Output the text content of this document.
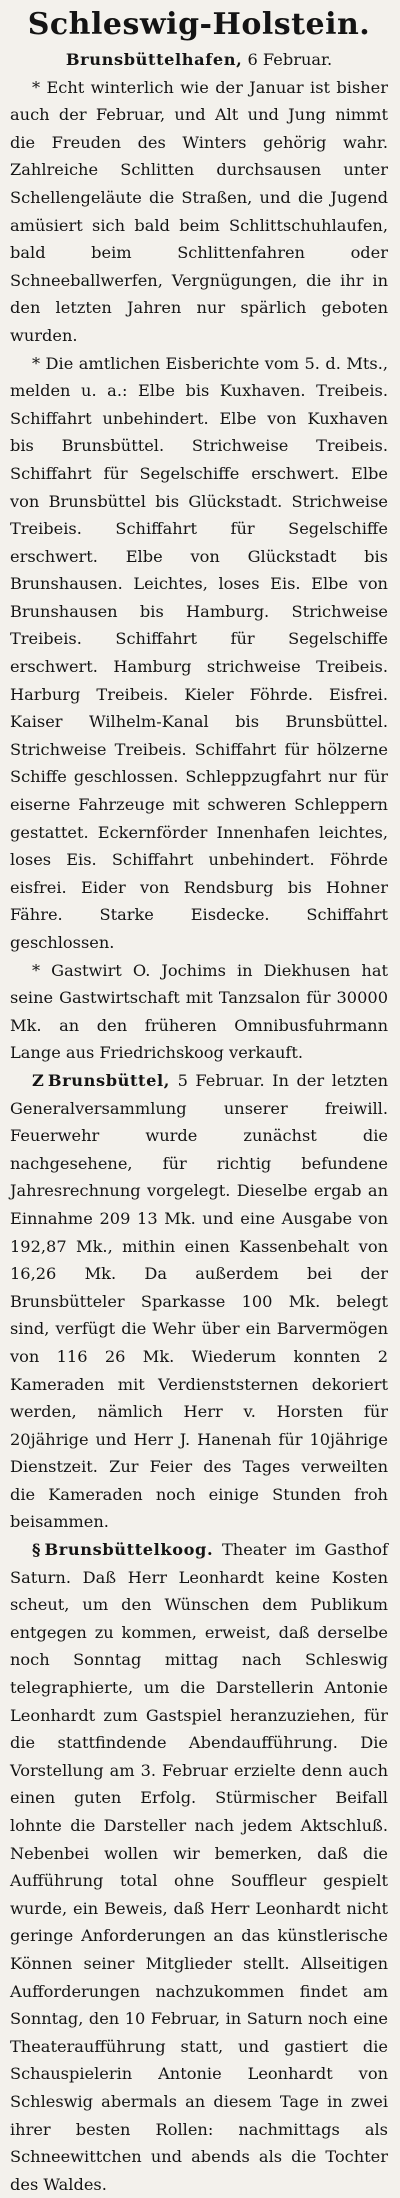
Schleswig-Holstein.

Brunsbüttelhafen, 6 Februar.

* Echt winterlich wie der Januar ist bisher auch der Februar, und Alt und Jung nimmt die Freuden des Winters gehörig wahr. Zahlreiche Schlitten durchsausen unter Schellengeläute die Straßen, und die Jugend amüsiert sich bald beim Schlittschuhlaufen, bald beim Schlittenfahren oder Schneeballwerfen, Vergnügungen, die ihr in den letzten Jahren nur spärlich geboten wurden.

* Die amtlichen Eisberichte vom 5. d. Mts., melden u. a.: Elbe bis Kuxhaven. Treibeis. Schiffahrt unbehindert. Elbe von Kuxhaven bis Brunsbüttel. Strichweise Treibeis. Schiffahrt für Segelschiffe erschwert. Elbe von Brunsbüttel bis Glückstadt. Strichweise Treibeis. Schiffahrt für Segelschiffe erschwert. Elbe von Glückstadt bis Brunshausen. Leichtes, loses Eis. Elbe von Brunshausen bis Hamburg. Strichweise Treibeis. Schiffahrt für Segelschiffe erschwert. Hamburg strichweise Treibeis. Harburg Treibeis. Kieler Föhrde. Eisfrei. Kaiser Wilhelm-Kanal bis Brunsbüttel. Strichweise Treibeis. Schiffahrt für hölzerne Schiffe geschlossen. Schleppzugfahrt nur für eiserne Fahrzeuge mit schweren Schleppern gestattet. Eckernförder Innenhafen leichtes, loses Eis. Schiffahrt unbehindert. Föhrde eisfrei. Eider von Rendsburg bis Hohner Fähre. Starke Eisdecke. Schiffahrt geschlossen.

* Gastwirt O. Jochims in Diekhusen hat seine Gastwirtschaft mit Tanzsalon für 30000 Mk. an den früheren Omnibusfuhrmann Lange aus Friedrichskoog verkauft.

Z Brunsbüttel, 5 Februar. In der letzten Generalversammlung unserer freiwill. Feuerwehr wurde zunächst die nachgesehene, für richtig befundene Jahresrechnung vorgelegt. Dieselbe ergab an Einnahme 209 13 Mk. und eine Ausgabe von 192,87 Mk., mithin einen Kassenbehalt von 16,26 Mk. Da außerdem bei der Brunsbütteler Sparkasse 100 Mk. belegt sind, verfügt die Wehr über ein Barvermögen von 116 26 Mk. Wiederum konnten 2 Kameraden mit Verdienststernen dekoriert werden, nämlich Herr v. Horsten für 20jährige und Herr J. Hanenah für 10jährige Dienstzeit. Zur Feier des Tages verweilten die Kameraden noch einige Stunden froh beisammen.

§ Brunsbüttelkoog. Theater im Gasthof Saturn. Daß Herr Leonhardt keine Kosten scheut, um den Wünschen dem Publikum entgegen zu kommen, erweist, daß derselbe noch Sonntag mittag nach Schleswig telegraphierte, um die Darstellerin Antonie Leonhardt zum Gastspiel heranzuziehen, für die stattfindende Abendaufführung. Die Vorstellung am 3. Februar erzielte denn auch einen guten Erfolg. Stürmischer Beifall lohnte die Darsteller nach jedem Aktschluß. Nebenbei wollen wir bemerken, daß die Aufführung total ohne Souffleur gespielt wurde, ein Beweis, daß Herr Leonhardt nicht geringe Anforderungen an das künstlerische Können seiner Mitglieder stellt. Allseitigen Aufforderungen nachzukommen findet am Sonntag, den 10 Februar, in Saturn noch eine Theateraufführung statt, und gastiert die Schauspielerin Antonie Leonhardt von Schleswig abermals an diesem Tage in zwei ihrer besten Rollen: nachmittags als Schneewittchen und abends als die Tochter des Waldes.
